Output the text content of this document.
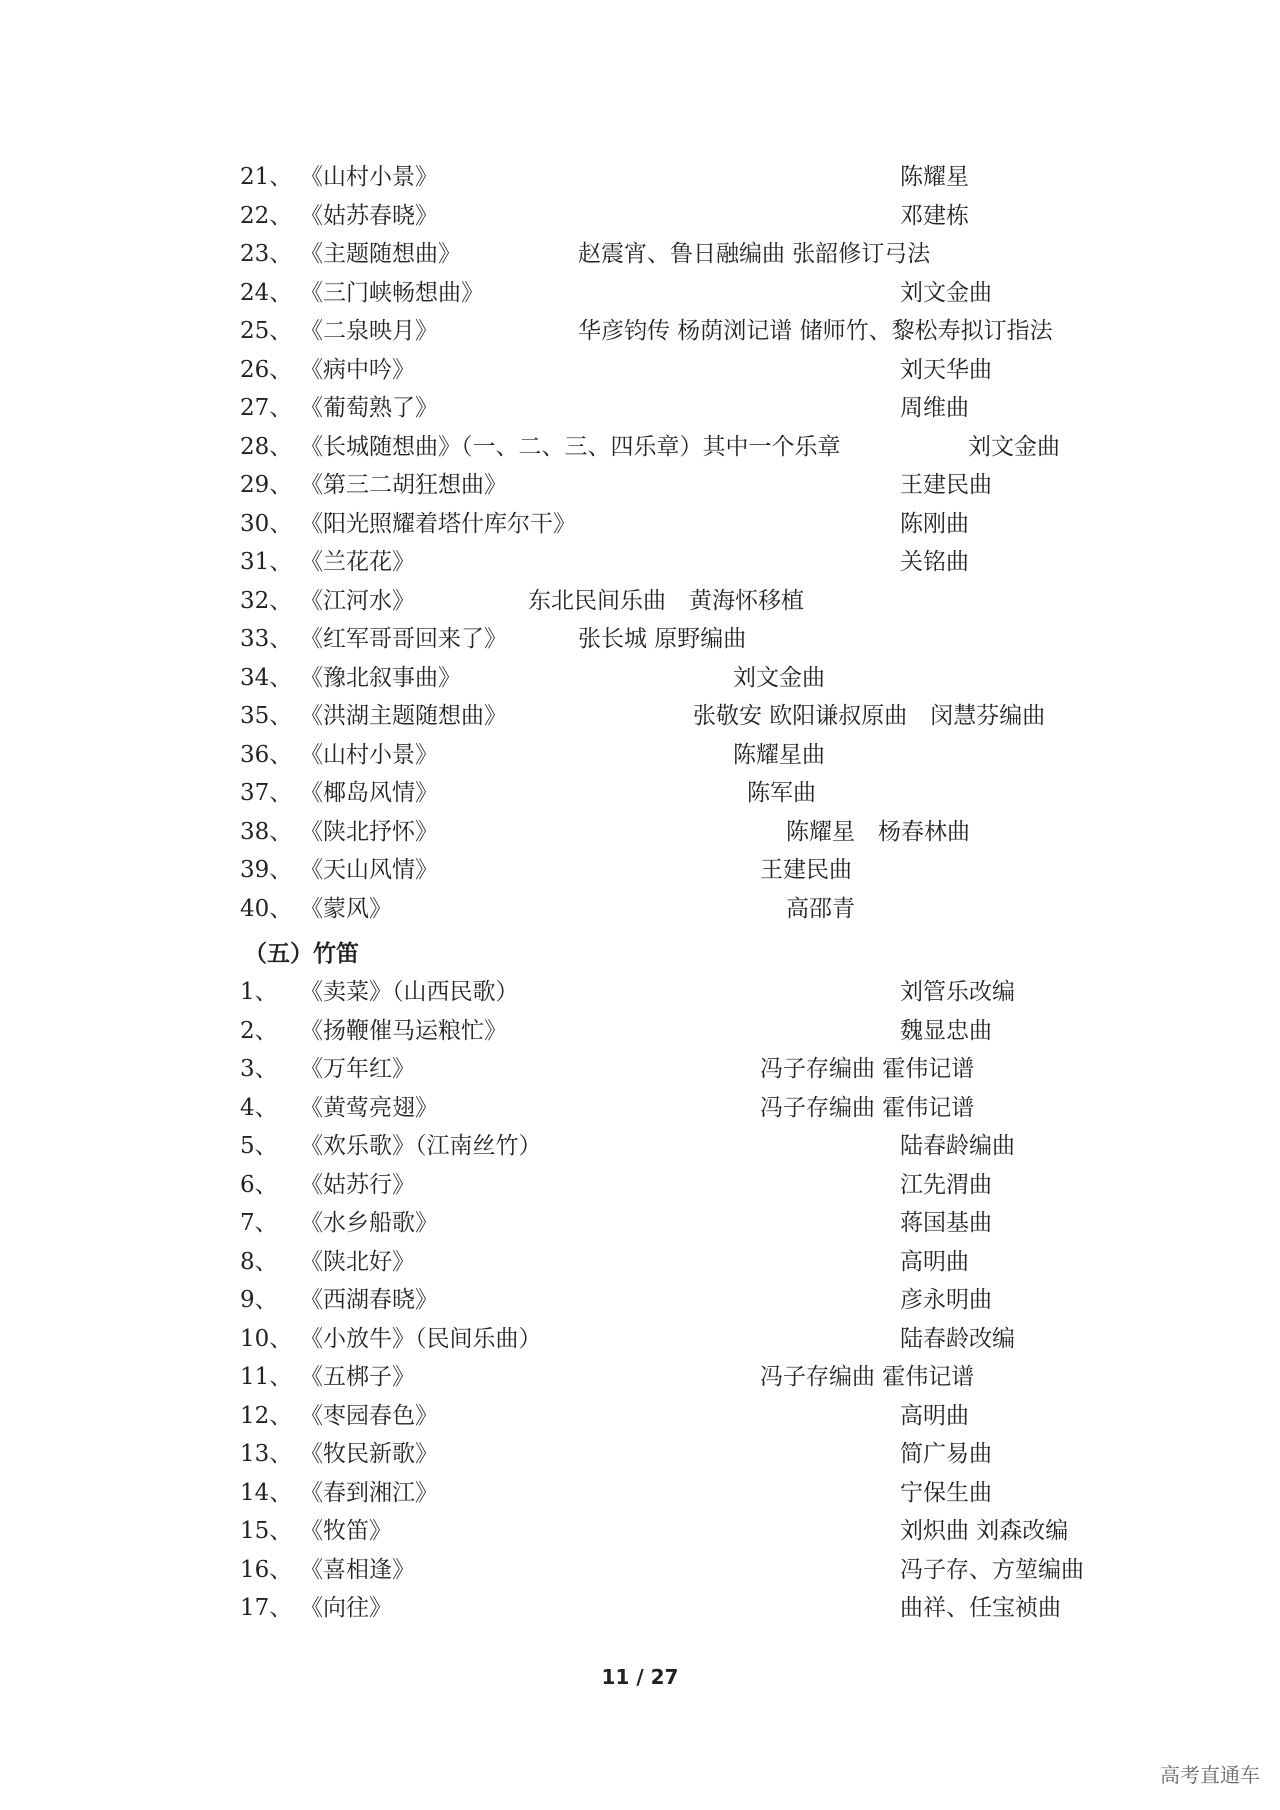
21、 《山村小景》	陈耀星
22、 《姑苏春晓》	邓建栋
23、 《主题随想曲》	赵震宵、鲁日融编曲 张韶修订弓法
24、 《三门峡畅想曲》	刘文金曲
25、 《二泉映月》	华彦钧传 杨荫浏记谱 储师竹、黎松寿拟订指法
26、 《病中吟》	刘天华曲
27、 《葡萄熟了》	周维曲
28、 《长城随想曲》（一、二、三、四乐章）其中一个乐章	刘文金曲
29、 《第三二胡狂想曲》	王建民曲
30、 《阳光照耀着塔什库尔干》	陈刚曲
31、 《兰花花》	关铭曲
32、 《江河水》	东北民间乐曲　黄海怀移植
33、 《红军哥哥回来了》	张长城 原野编曲
34、 《豫北叙事曲》	刘文金曲
35、 《洪湖主题随想曲》	张敬安 欧阳谦叔原曲　闵慧芬编曲
36、 《山村小景》	陈耀星曲
37、 《椰岛风情》	陈军曲
38、 《陕北抒怀》	陈耀星　杨春林曲
39、 《天山风情》	王建民曲
40、 《蒙风》	高邵青
（五）竹笛
1、 《卖菜》（山西民歌）	刘管乐改编
2、 《扬鞭催马运粮忙》	魏显忠曲
3、 《万年红》	冯子存编曲 霍伟记谱
4、 《黄莺亮翅》	冯子存编曲 霍伟记谱
5、 《欢乐歌》（江南丝竹）	陆春龄编曲
6、 《姑苏行》	江先渭曲
7、 《水乡船歌》	蒋国基曲
8、 《陕北好》	高明曲
9、 《西湖春晓》	彦永明曲
10、 《小放牛》（民间乐曲）	陆春龄改编
11、 《五梆子》	冯子存编曲 霍伟记谱
12、 《枣园春色》	高明曲
13、 《牧民新歌》	简广易曲
14、 《春到湘江》	宁保生曲
15、 《牧笛》	刘炽曲 刘森改编
16、 《喜相逢》	冯子存、方堃编曲
17、 《向往》	曲祥、任宝祯曲
11 / 27
高考直通车
